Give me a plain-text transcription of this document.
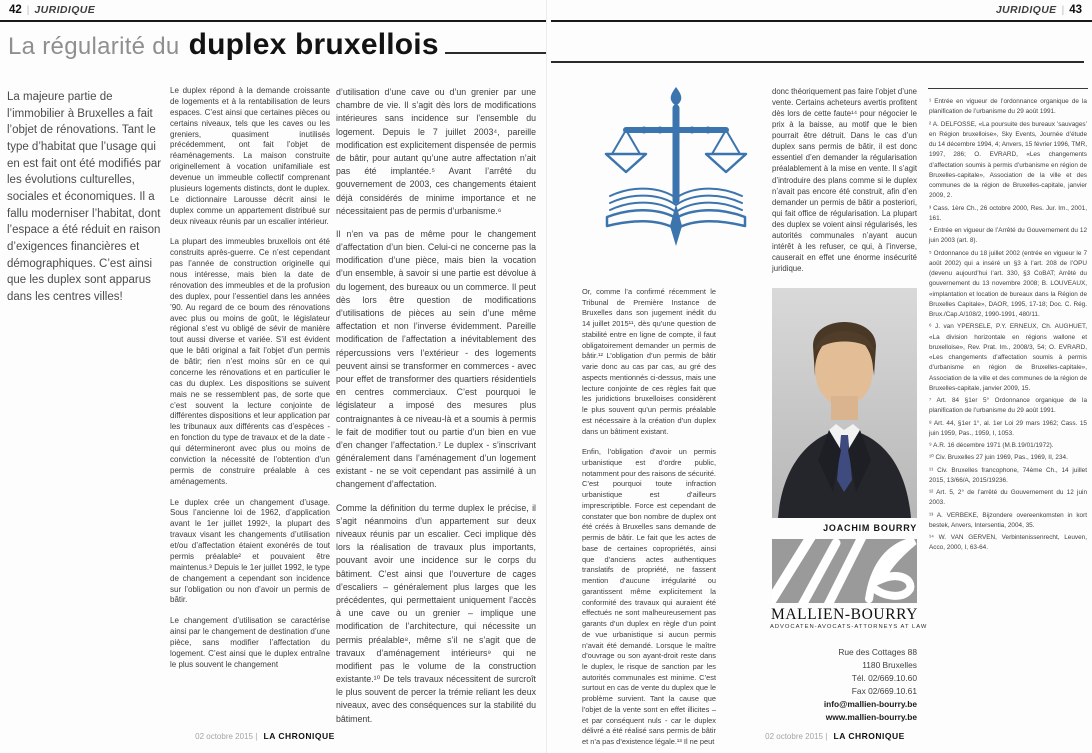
42 | JURIDIQUE	JURIDIQUE | 43
La régularité du duplex bruxellois
La majeure partie de l’immobilier à Bruxelles a fait l’objet de rénovations. Tant le type d’habitat que l’usage qui en est fait ont été modifiés par les évolutions culturelles, sociales et économiques. Il a fallu moderniser l’habitat, dont l’espace a été réduit en raison d’exigences financières et démographiques. C’est ainsi que les duplex sont apparus dans les centres villes!

Le duplex répond à la demande croissante de logements et à la rentabilisation de leurs espaces. C’est ainsi que certaines pièces ou certains niveaux, tels que les caves ou les greniers, quasiment inutilisés précédemment, ont fait l’objet de réaménagements. La maison construite originellement à vocation unifamiliale est devenue un immeuble collectif comprenant plusieurs logements distincts, dont le duplex. Le dictionnaire Larousse décrit ainsi le duplex comme un appartement distribué sur deux niveaux réunis par un escalier intérieur.

La plupart des immeubles bruxellois ont été construits après-guerre. Ce n’est cependant pas l’année de construction originelle qui nous intéresse, mais bien la date de rénovation des immeubles et de la profusion des duplex, pour l’essentiel dans les années ’90. Au regard de ce boum des rénovations avec plus ou moins de goût, le législateur régional s’est vu obligé de sévir de manière tout aussi diverse et variée. S’il est évident que le bâti original a fait l’objet d’un permis de bâtir; rien n’est moins sûr en ce qui concerne les rénovations et en particulier le cas du duplex. Les dispositions se suivent mais ne se ressemblent pas, de sorte que c’est souvent la lecture conjointe de différentes dispositions et leur application par les tribunaux aux différents cas d’espèces - en fonction du type de travaux et de la date - qui détermineront avec plus ou moins de conviction la nécessité de l’obtention d’un permis de construire préalable à ces aménagements.

Le duplex crée un changement d’usage. Sous l’ancienne loi de 1962, d’application avant le 1er juillet 1992¹, la plupart des travaux visant les changements d’utilisation et/ou d’affectation étaient exonérés de tout permis préalable² et pouvaient être maintenus.³ Depuis le 1er juillet 1992, le type de changement a cependant son incidence sur l’obligation ou non d’avoir un permis de bâtir.

Le changement d’utilisation se caractérise ainsi par le changement de destination d’une pièce, sans modifier l’affectation du logement. C’est ainsi que le duplex entraîne le plus souvent le changement

d’utilisation d’une cave ou d’un grenier par une chambre de vie. Il s’agit dès lors de modifications intérieures sans incidence sur l’ensemble du logement. Depuis le 7 juillet 2003⁴, pareille modification est explicitement dispensée de permis de bâtir, pour autant qu’une autre affectation n’ait pas été implantée.⁵ Avant l’arrêté du gouvernement de 2003, ces changements étaient déjà considérés de minime importance et ne nécessitaient pas de permis d’urbanisme.⁶

Il n’en va pas de même pour le changement d’affectation d’un bien. Celui-ci ne concerne pas la modification d’une pièce, mais bien la vocation d’un ensemble, à savoir si une partie est dévolue à du logement, des bureaux ou un commerce. Il peut dès lors être question de modifications d’utilisations de pièces au sein d’une même affectation et non l’inverse évidemment. Pareille modification de l’affectation a inévitablement des répercussions vers l’extérieur - des logements peuvent ainsi se transformer en commerces - avec pour effet de transformer des quartiers résidentiels en centres commerciaux. C’est pourquoi le législateur a imposé des mesures plus contraignantes à ce niveau-là et a soumis à permis le fait de modifier tout ou partie d’un bien en vue d’en changer l’affectation.⁷ Le duplex - s’inscrivant généralement dans l’aménagement d’un logement existant - ne se voit cependant pas assimilé à un changement d’affectation.

Comme la définition du terme duplex le précise, il s’agit néanmoins d’un appartement sur deux niveaux réunis par un escalier. Ceci implique dès lors la réalisation de travaux plus importants, pouvant avoir une incidence sur le corps du bâtiment. C’est ainsi que l’ouverture de cages d’escaliers – généralement plus larges que les précédentes, qui permettaient uniquement l’accès à une cave ou un grenier – implique une modification de l’architecture, qui nécessite un permis préalable⁸, même s’il ne s’agit que de travaux d’aménagement intérieurs⁹ qui ne modifient pas le volume de la construction existante.¹⁰ De tels travaux nécessitent de surcroît le plus souvent de percer la trémie reliant les deux niveaux, avec des conséquences sur la stabilité du bâtiment.

Or, comme l’a confirmé récemment le Tribunal de Première Instance de Bruxelles dans son jugement inédit du 14 juillet 2015¹¹, dès qu’une question de stabilité entre en ligne de compte, il faut obligatoirement demander un permis de bâtir.¹² L’obligation d’un permis de bâtir varie donc au cas par cas, au gré des aspects mentionnés ci-dessus, mais une lecture conjointe de ces règles fait que les juridictions bruxelloises considèrent le plus souvent qu’un permis préalable est nécessaire à la création d’un duplex dans un bâtiment existant.

Enfin, l’obligation d’avoir un permis urbanistique est d’ordre public, notamment pour des raisons de sécurité. C’est pourquoi toute infraction urbanistique est d’ailleurs imprescriptible. Force est cependant de constater que bon nombre de duplex ont été créés à Bruxelles sans demande de permis de bâtir. Le fait que les actes de base de certaines copropriétés, ainsi que d’anciens actes authentiques translatifs de propriété, ne fassent mention d’aucune irrégularité ou garantissent même explicitement la conformité des travaux qui auraient été effectués ne sont malheureusement pas garants d’un duplex en règle d’un point de vue urbanistique si aucun permis n’avait été demandé. Lorsque le maître d’ouvrage ou son ayant-droit reste dans le duplex, le risque de sanction par les autorités communales est minime. C’est surtout en cas de vente du duplex que le problème survient. Tant la cause que l’objet de la vente sont en effet illicites – et par conséquent nuls - car le duplex délivré a été réalisé sans permis de bâtir et n’a pas d’existence légale.¹³ Il ne peut

donc théoriquement pas faire l’objet d’une vente. Certains acheteurs avertis profitent dès lors de cette faute¹⁴ pour négocier le prix à la baisse, au motif que le bien pourrait être détruit. Dans le cas d’un duplex sans permis de bâtir, il est donc essentiel d’en demander la régularisation préalablement à la mise en vente. Il s’agit d’introduire des plans comme si le duplex n’avait pas encore été construit, afin d’en demander un permis de bâtir a posteriori, qui fait office de régularisation. La plupart des duplex se voient ainsi régularisés, les autorités communales n’ayant aucun intérêt à les refuser, ce qui, à l’inverse, causerait en effet une énorme insécurité juridique.

JOACHIM BOURRY
MALLIEN-BOURRY
ADVOCATEN-AVOCATS-ATTORNEYS AT LAW
Rue des Cottages 88
1180 Bruxelles
Tél. 02/669.10.60
Fax 02/669.10.61
info@mallien-bourry.be
www.mallien-bourry.be

¹ Entrée en vigueur de l’ordonnance organique de la planification de l’urbanisme du 29 août 1991.

² A. DELFOSSE, «La poursuite des bureaux ’sauvages’ en Région bruxelloise», Sky Events, Journée d’étude du 14 décembre 1994, 4; Anvers, 15 février 1996, TMR, 1997, 286; O. EVRARD, «Les changements d’affectation soumis à permis d’urbanisme en région de Bruxelles-capitale», Association de la ville et des communes de la région de Bruxelles-capitale, janvier 2009, 2.

³ Cass. 1ère Ch., 26 octobre 2000, Res. Jur. Im., 2001, 161.

⁴ Entrée en vigueur de l’Arrêté du Gouvernement du 12 juin 2003 (art. 8).

⁵ Ordonnance du 18 juillet 2002 (entrée en vigueur le 7 août 2002) qui a inséré un §3 à l’art. 208 de l’OPU (devenu aujourd’hui l’art. 330, §3 CoBAT; Arrêté du gouvernement du 13 novembre 2008; B. LOUVEAUX, «implantation et location de bureaux dans la Région de Bruxelles Capitale», DAOR, 1995, 17-18; Doc. C. Rég. Brux./Cap.A/108/2, 1990-1991, 480/11.

⁶ J. van YPERSELE, P.Y. ERNEUX, Ch. AUGHUET, «La division horizontale en régions wallone et bruxelloise», Rev. Prat. Im., 2008/3, 54; O. EVRARD, «Les changements d’affectation soumis à permis d’urbanisme en région de Bruxelles-capitale», Association de la ville et des communes de la région de Bruxelles-capitale, janvier 2009, 15.

⁷ Art. 84 §1er 5° Ordonnance organique de la planification de l’urbanisme du 29 août 1991.

⁸ Art. 44, §1er 1°, al. 1er Loi 29 mars 1962; Cass. 15 juin 1959, Pas., 1959, I, 1053.

⁹ A.R. 16 décembre 1971 (M.B.19/01/1972).

¹⁰ Civ. Bruxelles 27 juin 1969, Pas., 1969, II, 234.

¹¹ Civ. Bruxelles francophone, 74ème Ch., 14 juillet 2015, 13/66/A, 2015/19236.

¹² Art. 5, 2° de l’arrêté du Gouvernement du 12 juin 2003.

¹³ A. VERBEKE, Bijzondere overeenkomsten in kort bestek, Anvers, Intersentia, 2004, 35.

¹⁴ W. VAN GERVEN, Verbintenissenrecht, Leuven, Acco, 2000, I, 63-64.

02 octobre 2015 | LA CHRONIQUE	02 octobre 2015 | LA CHRONIQUE
